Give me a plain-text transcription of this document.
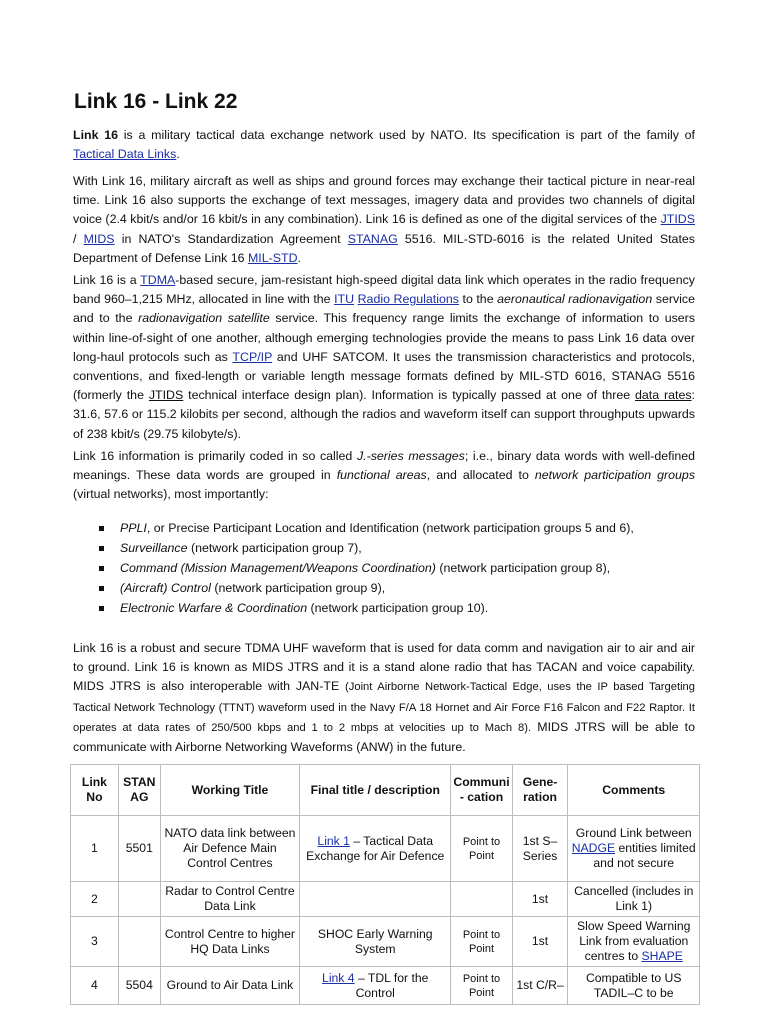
Link 16 - Link 22

Link 16 is a military tactical data exchange network used by NATO. Its specification is part of the family of Tactical Data Links.

With Link 16, military aircraft as well as ships and ground forces may exchange their tactical picture in near-real time. Link 16 also supports the exchange of text messages, imagery data and provides two channels of digital voice (2.4 kbit/s and/or 16 kbit/s in any combination). Link 16 is defined as one of the digital services of the JTIDS / MIDS in NATO's Standardization Agreement STANAG 5516. MIL-STD-6016 is the related United States Department of Defense Link 16 MIL-STD.

Link 16 is a TDMA-based secure, jam-resistant high-speed digital data link which operates in the radio frequency band 960–1,215 MHz, allocated in line with the ITU Radio Regulations to the aeronautical radionavigation service and to the radionavigation satellite service. This frequency range limits the exchange of information to users within line-of-sight of one another, although emerging technologies provide the means to pass Link 16 data over long-haul protocols such as TCP/IP and UHF SATCOM. It uses the transmission characteristics and protocols, conventions, and fixed-length or variable length message formats defined by MIL-STD 6016, STANAG 5516 (formerly the JTIDS technical interface design plan). Information is typically passed at one of three data rates: 31.6, 57.6 or 115.2 kilobits per second, although the radios and waveform itself can support throughputs upwards of 238 kbit/s (29.75 kilobyte/s).

Link 16 information is primarily coded in so called J.-series messages; i.e., binary data words with well-defined meanings. These data words are grouped in functional areas, and allocated to network participation groups (virtual networks), most importantly:

PPLI, or Precise Participant Location and Identification (network participation groups 5 and 6),
Surveillance (network participation group 7),
Command (Mission Management/Weapons Coordination) (network participation group 8),
(Aircraft) Control (network participation group 9),
Electronic Warfare & Coordination (network participation group 10).

Link 16 is a robust and secure TDMA UHF waveform that is used for data comm and navigation air to air and air to ground. Link 16 is known as MIDS JTRS and it is a stand alone radio that has TACAN and voice capability. MIDS JTRS is also interoperable with JAN-TE (Joint Airborne Network-Tactical Edge, uses the IP based Targeting Tactical Network Technology (TTNT) waveform used in the Navy F/A 18 Hornet and Air Force F16 Falcon and F22 Raptor. It operates at data rates of 250/500 kbps and 1 to 2 mbps at velocities up to Mach 8). MIDS JTRS will be able to communicate with Airborne Networking Waveforms (ANW) in the future.

Link No	STAN AG	Working Title	Final title / description	Communi - cation	Gene- ration	Comments
1	5501	NATO data link between Air Defence Main Control Centres	Link 1 – Tactical Data Exchange for Air Defence	Point to Point	1st S–Series	Ground Link between NADGE entities limited and not secure
2		Radar to Control Centre Data Link			1st	Cancelled (includes in Link 1)
3		Control Centre to higher HQ Data Links	SHOC Early Warning System	Point to Point	1st	Slow Speed Warning Link from evaluation centres to SHAPE
4	5504	Ground to Air Data Link	Link 4 – TDL for the Control	Point to Point	1st C/R–	Compatible to US TADIL–C to be
